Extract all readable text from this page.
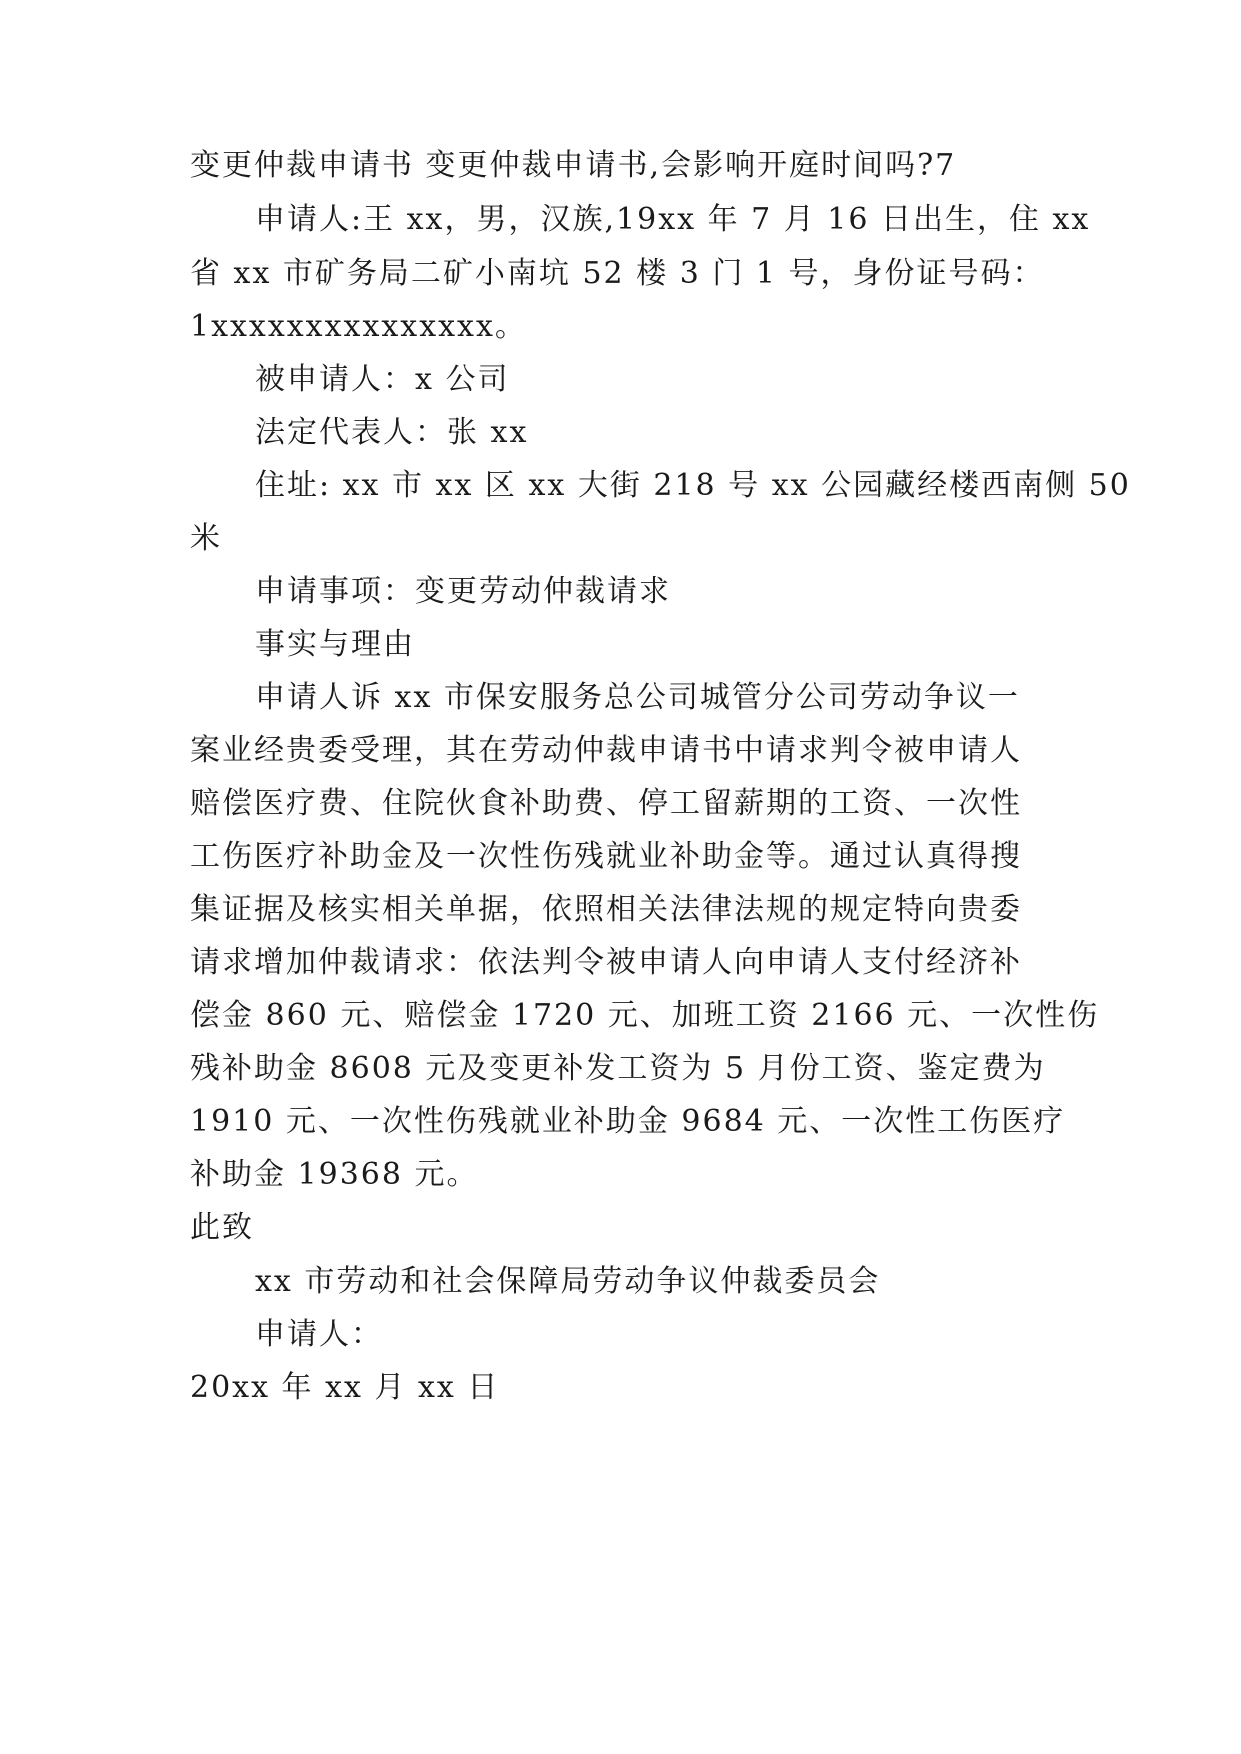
变更仲裁申请书 变更仲裁申请书,会影响开庭时间吗?7
申请人:王 xx，男，汉族,19xx 年 7 月 16 日出生，住 xx
省 xx 市矿务局二矿小南坑 52 楼 3 门 1 号，身份证号码：
1xxxxxxxxxxxxxxx。
被申请人：x 公司
法定代表人：张 xx
住址: xx 市 xx 区 xx 大街 218 号 xx 公园藏经楼西南侧 50
米
申请事项：变更劳动仲裁请求
事实与理由
申请人诉 xx 市保安服务总公司城管分公司劳动争议一
案业经贵委受理，其在劳动仲裁申请书中请求判令被申请人
赔偿医疗费、住院伙食补助费、停工留薪期的工资、一次性
工伤医疗补助金及一次性伤残就业补助金等。通过认真得搜
集证据及核实相关单据，依照相关法律法规的规定特向贵委
请求增加仲裁请求：依法判令被申请人向申请人支付经济补
偿金 860 元、赔偿金 1720 元、加班工资 2166 元、一次性伤
残补助金 8608 元及变更补发工资为 5 月份工资、鉴定费为
1910 元、一次性伤残就业补助金 9684 元、一次性工伤医疗
补助金 19368 元。
此致
xx 市劳动和社会保障局劳动争议仲裁委员会
申请人：
20xx 年 xx 月 xx 日
